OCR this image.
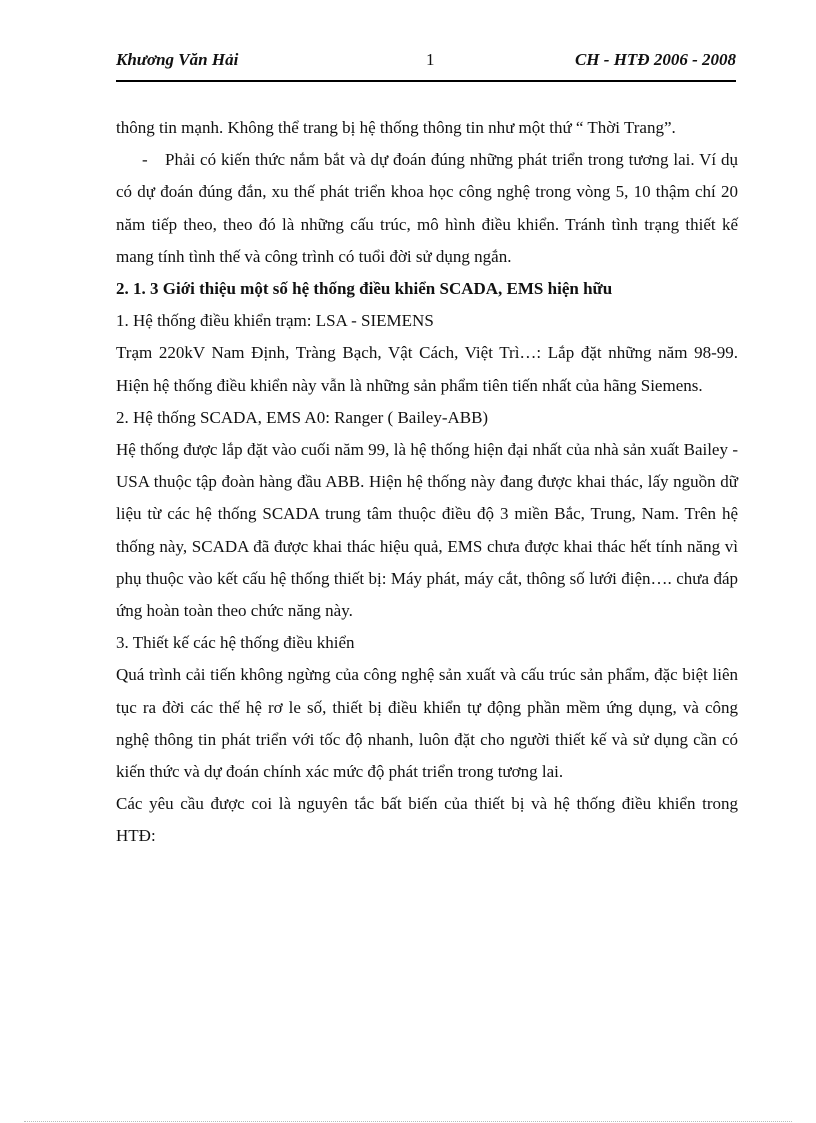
Khương Văn Hải	1	CH - HTĐ 2006 - 2008

thông tin mạnh. Không thể trang bị hệ thống thông tin như một thứ “ Thời Trang”.

- Phải có kiến thức nắm bắt và dự đoán đúng những phát triển trong tương lai. Ví dụ có dự đoán đúng đắn, xu thế phát triển khoa học công nghệ trong vòng 5, 10 thậm chí 20 năm tiếp theo, theo đó là những cấu trúc, mô hình điều khiển. Tránh tình trạng thiết kế mang tính tình thế và công trình có tuổi đời sử dụng ngắn.

2. 1. 3 Giới thiệu một số hệ thống điều khiển SCADA, EMS hiện hữu

1. Hệ thống điều khiển trạm: LSA - SIEMENS

Trạm 220kV Nam Định, Tràng Bạch, Vật Cách, Việt Trì…: Lắp đặt những năm 98-99. Hiện hệ thống điều khiển này vẫn là những sản phẩm tiên tiến nhất của hãng Siemens.

2. Hệ thống SCADA, EMS A0: Ranger ( Bailey-ABB)

Hệ thống được lắp đặt vào cuối năm 99, là hệ thống hiện đại nhất của nhà sản xuất Bailey - USA thuộc tập đoàn hàng đầu ABB. Hiện hệ thống này đang được khai thác, lấy nguồn dữ liệu từ các hệ thống SCADA trung tâm thuộc điều độ 3 miền Bắc, Trung, Nam. Trên hệ thống này, SCADA đã được khai thác hiệu quả, EMS chưa được khai thác hết tính năng vì phụ thuộc vào kết cấu hệ thống thiết bị: Máy phát, máy cắt, thông số lưới điện…. chưa đáp ứng hoàn toàn theo chức năng này.

3. Thiết kế các hệ thống điều khiển

Quá trình cải tiến không ngừng của công nghệ sản xuất và cấu trúc sản phẩm, đặc biệt liên tục ra đời các thế hệ rơ le số, thiết bị điều khiển tự động phần mềm ứng dụng, và công nghệ thông tin phát triển với tốc độ nhanh, luôn đặt cho người thiết kế và sử dụng cần có kiến thức và dự đoán chính xác mức độ phát triển trong tương lai.

Các yêu cầu được coi là nguyên tắc bất biến của thiết bị và hệ thống điều khiển trong HTĐ:
